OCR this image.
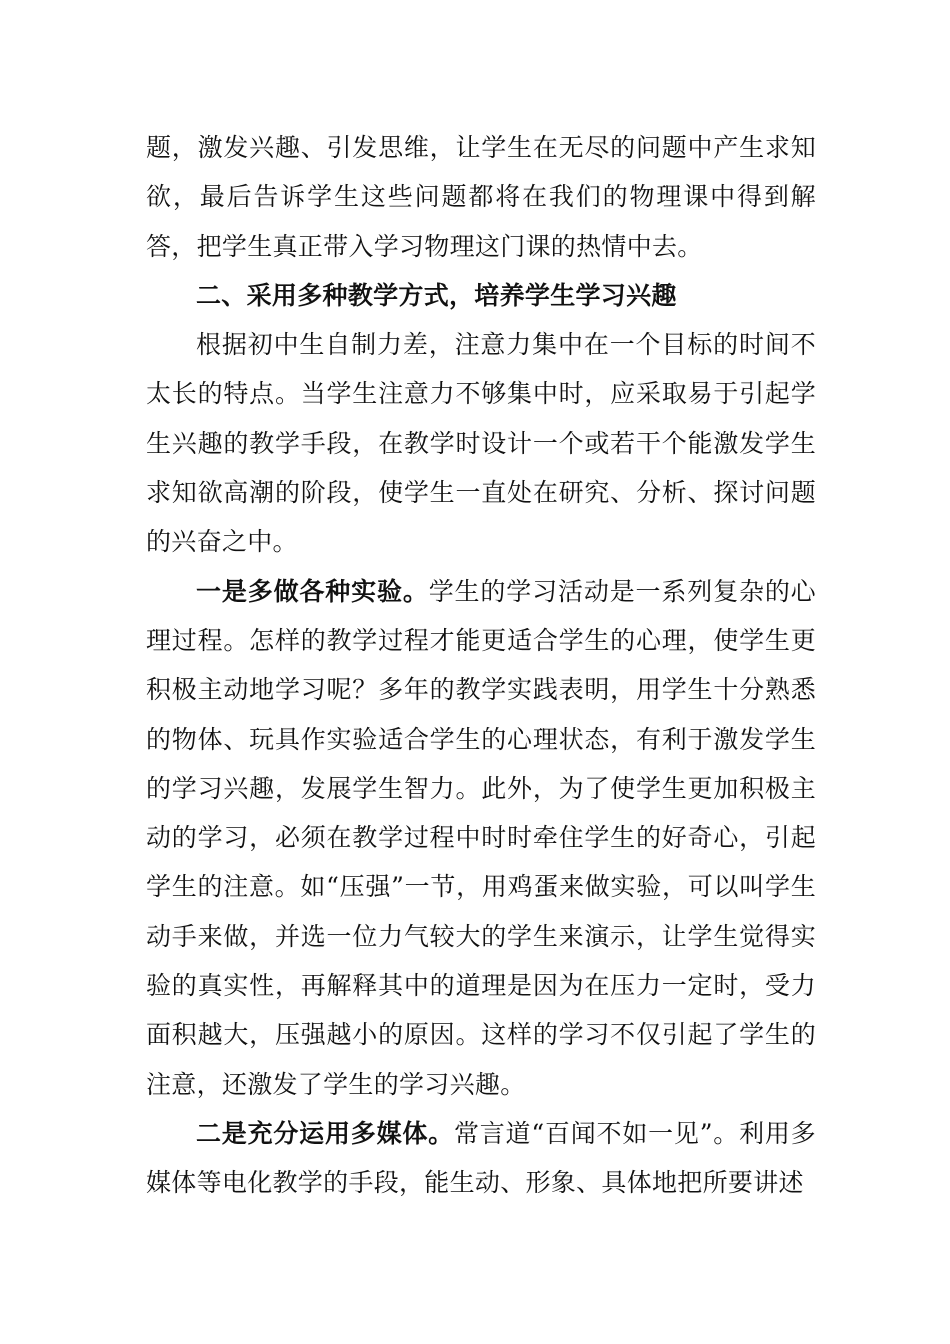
题，激发兴趣、引发思维，让学生在无尽的问题中产生求知欲，最后告诉学生这些问题都将在我们的物理课中得到解答，把学生真正带入学习物理这门课的热情中去。

二、采用多种教学方式，培养学生学习兴趣

根据初中生自制力差，注意力集中在一个目标的时间不太长的特点。当学生注意力不够集中时，应采取易于引起学生兴趣的教学手段，在教学时设计一个或若干个能激发学生求知欲高潮的阶段，使学生一直处在研究、分析、探讨问题的兴奋之中。

一是多做各种实验。学生的学习活动是一系列复杂的心理过程。怎样的教学过程才能更适合学生的心理，使学生更积极主动地学习呢？多年的教学实践表明，用学生十分熟悉的物体、玩具作实验适合学生的心理状态，有利于激发学生的学习兴趣，发展学生智力。此外，为了使学生更加积极主动的学习，必须在教学过程中时时牵住学生的好奇心，引起学生的注意。如“压强”一节，用鸡蛋来做实验，可以叫学生动手来做，并选一位力气较大的学生来演示，让学生觉得实验的真实性，再解释其中的道理是因为在压力一定时，受力面积越大，压强越小的原因。这样的学习不仅引起了学生的注意，还激发了学生的学习兴趣。

二是充分运用多媒体。常言道“百闻不如一见”。利用多媒体等电化教学的手段，能生动、形象、具体地把所要讲述
